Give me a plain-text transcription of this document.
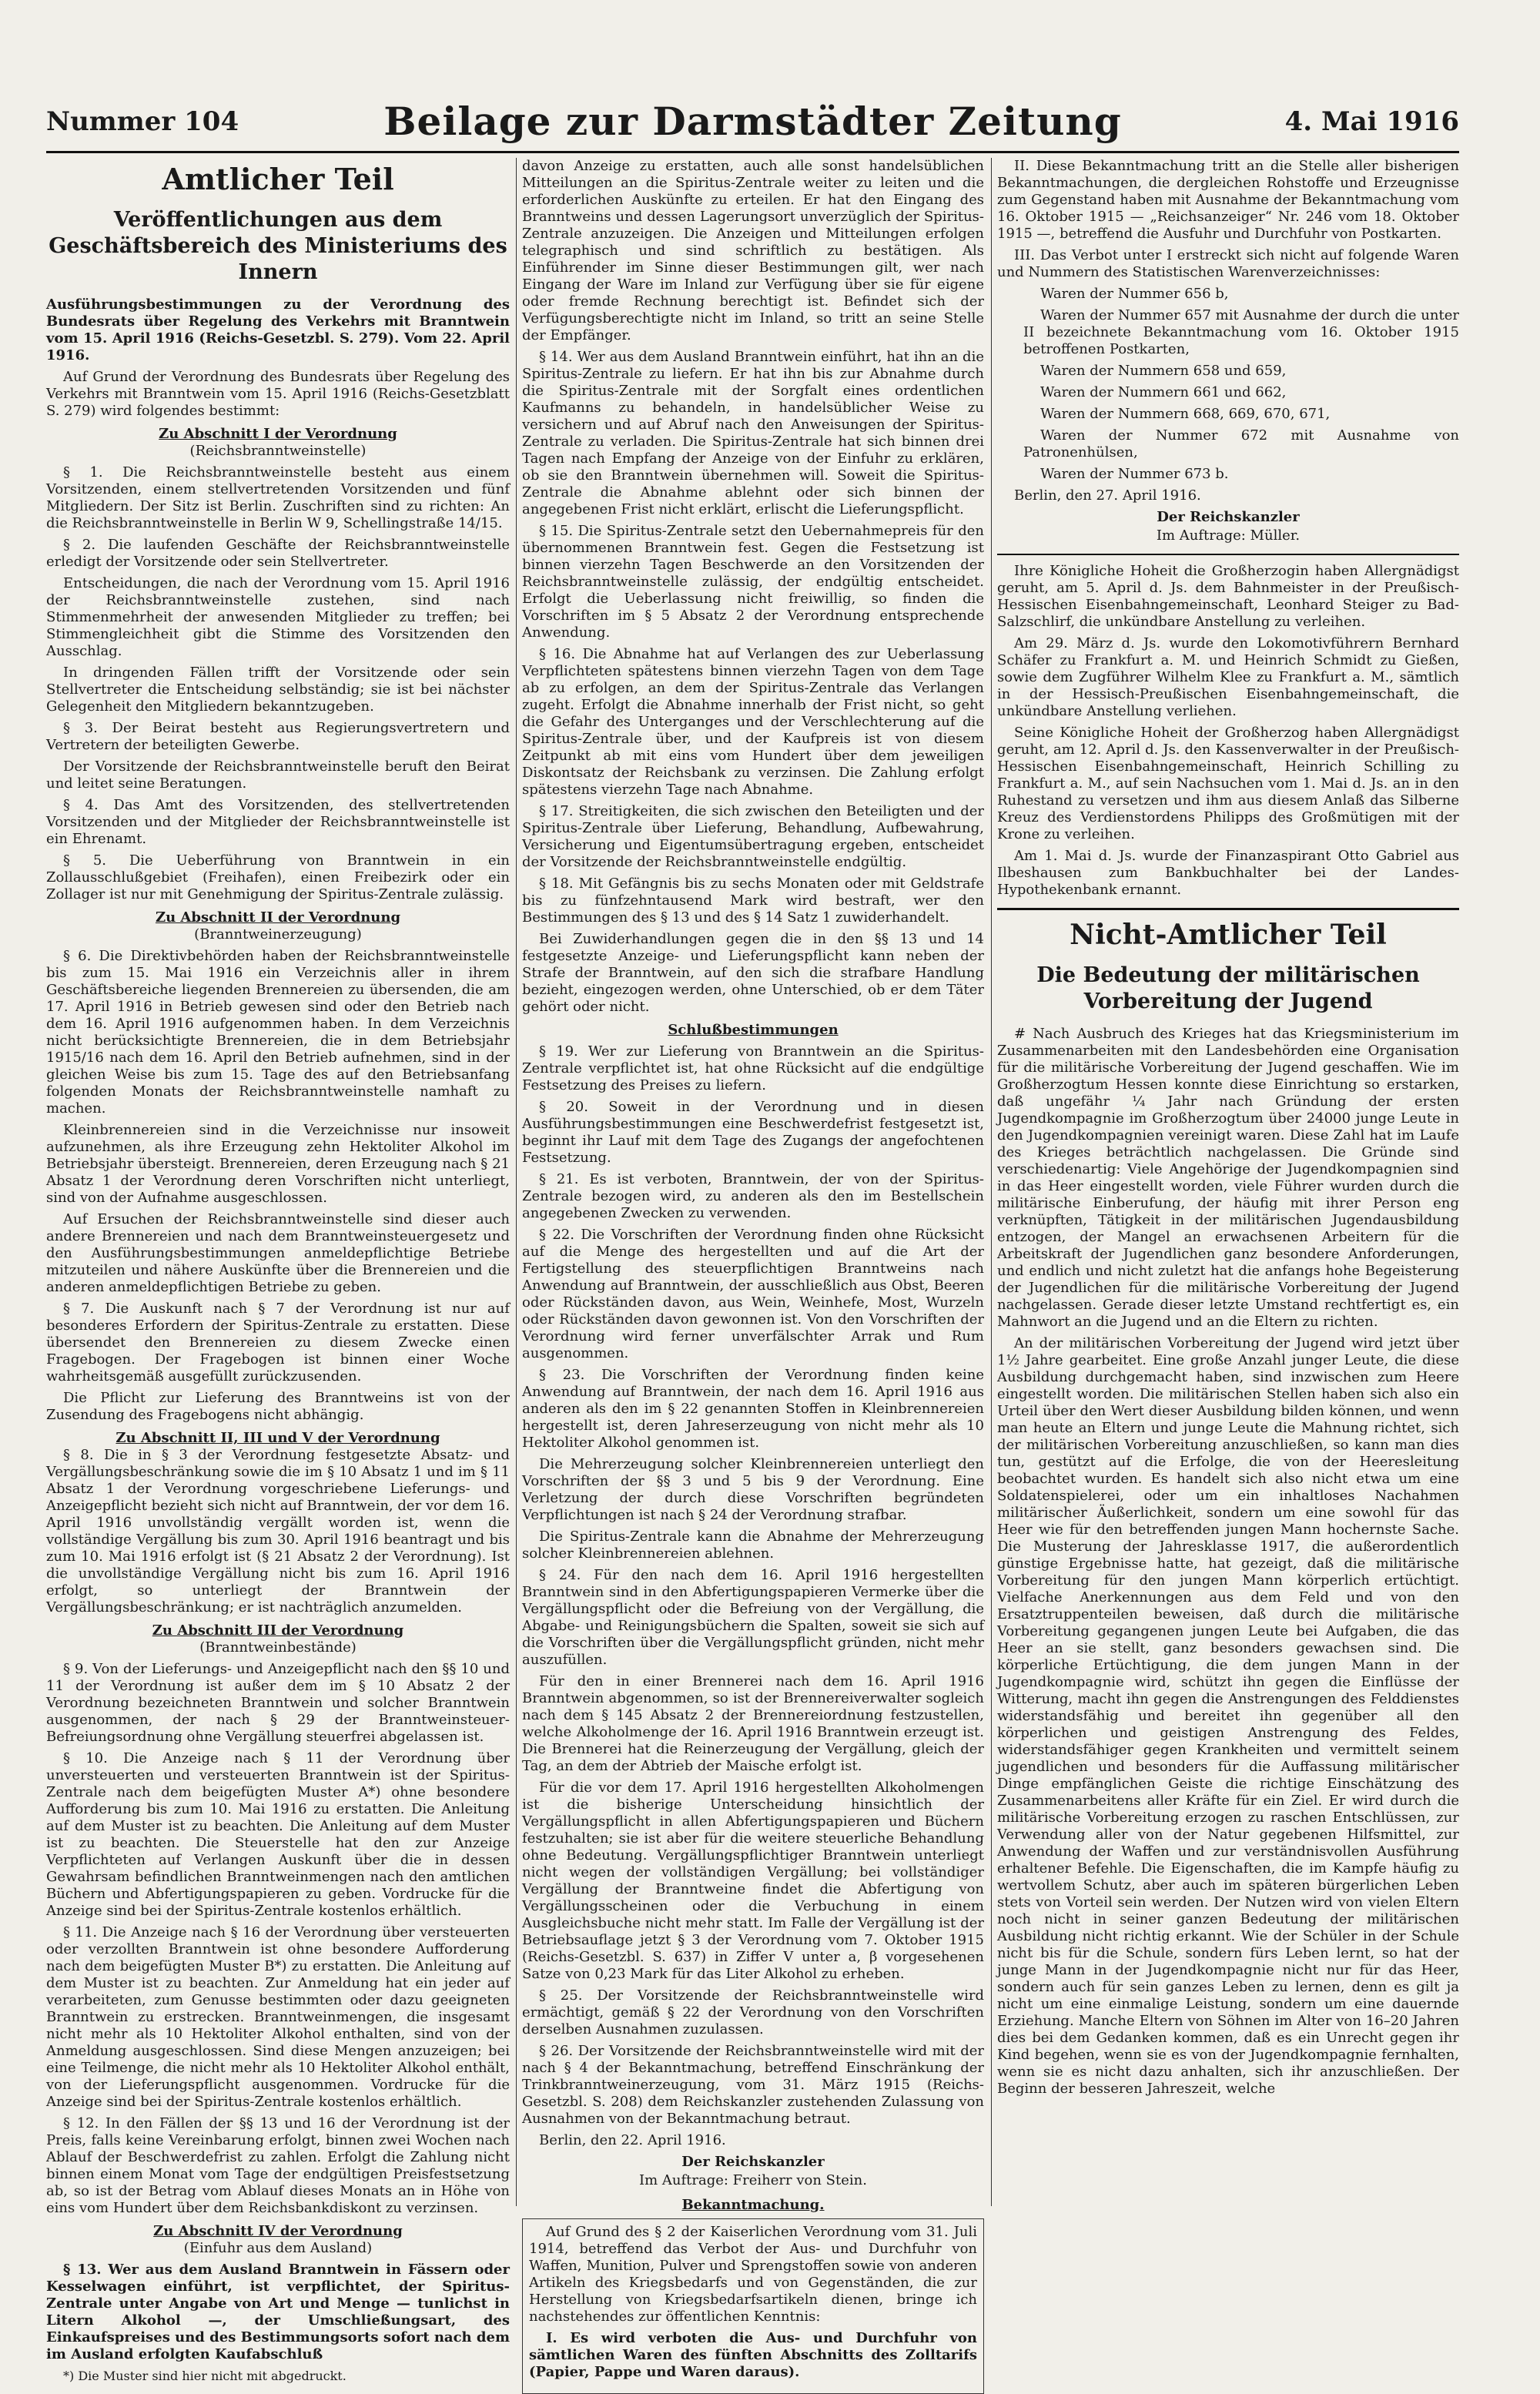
Nummer 104	Beilage zur Darmstädter Zeitung	4. Mai 1916
Amtlicher Teil
Veröffentlichungen aus dem Geschäftsbereich des Ministeriums des Innern

Ausführungsbestimmungen zu der Verordnung des Bundesrats über Regelung des Verkehrs mit Branntwein vom 15. April 1916 (Reichs-Gesetzbl. S. 279). Vom 22. April 1916.

Auf Grund der Verordnung des Bundesrats über Regelung des Verkehrs mit Branntwein vom 15. April 1916 (Reichs-Gesetzblatt S. 279) wird folgendes bestimmt:

Zu Abschnitt I der Verordnung
(Reichsbranntweinstelle)

§ 1. Die Reichsbranntweinstelle besteht aus einem Vorsitzenden, einem stellvertretenden Vorsitzenden und fünf Mitgliedern. Der Sitz ist Berlin. Zuschriften sind zu richten: An die Reichsbranntweinstelle in Berlin W 9, Schellingstraße 14/15.

§ 2. Die laufenden Geschäfte der Reichsbranntweinstelle erledigt der Vorsitzende oder sein Stellvertreter.

Entscheidungen, die nach der Verordnung vom 15. April 1916 der Reichsbranntweinstelle zustehen, sind nach Stimmenmehrheit der anwesenden Mitglieder zu treffen; bei Stimmengleichheit gibt die Stimme des Vorsitzenden den Ausschlag.

In dringenden Fällen trifft der Vorsitzende oder sein Stellvertreter die Entscheidung selbständig; sie ist bei nächster Gelegenheit den Mitgliedern bekanntzugeben.

§ 3. Der Beirat besteht aus Regierungsvertretern und Vertretern der beteiligten Gewerbe.

Der Vorsitzende der Reichsbranntweinstelle beruft den Beirat und leitet seine Beratungen.

§ 4. Das Amt des Vorsitzenden, des stellvertretenden Vorsitzenden und der Mitglieder der Reichsbranntweinstelle ist ein Ehrenamt.

§ 5. Die Ueberführung von Branntwein in ein Zollausschlußgebiet (Freihafen), einen Freibezirk oder ein Zollager ist nur mit Genehmigung der Spiritus-Zentrale zulässig.

Zu Abschnitt II der Verordnung
(Branntweinerzeugung)

§ 6. Die Direktivbehörden haben der Reichsbranntweinstelle bis zum 15. Mai 1916 ein Verzeichnis aller in ihrem Geschäftsbereiche liegenden Brennereien zu übersenden, die am 17. April 1916 in Betrieb gewesen sind oder den Betrieb nach dem 16. April 1916 aufgenommen haben. In dem Verzeichnis nicht berücksichtigte Brennereien, die in dem Betriebsjahr 1915/16 nach dem 16. April den Betrieb aufnehmen, sind in der gleichen Weise bis zum 15. Tage des auf den Betriebsanfang folgenden Monats der Reichsbranntweinstelle namhaft zu machen.

Kleinbrennereien sind in die Verzeichnisse nur insoweit aufzunehmen, als ihre Erzeugung zehn Hektoliter Alkohol im Betriebsjahr übersteigt. Brennereien, deren Erzeugung nach § 21 Absatz 1 der Verordnung deren Vorschriften nicht unterliegt, sind von der Aufnahme ausgeschlossen.

Auf Ersuchen der Reichsbranntweinstelle sind dieser auch andere Brennereien und nach dem Branntweinsteuergesetz und den Ausführungsbestimmungen anmeldepflichtige Betriebe mitzuteilen und nähere Auskünfte über die Brennereien und die anderen anmeldepflichtigen Betriebe zu geben.

§ 7. Die Auskunft nach § 7 der Verordnung ist nur auf besonderes Erfordern der Spiritus-Zentrale zu erstatten. Diese übersendet den Brennereien zu diesem Zwecke einen Fragebogen. Der Fragebogen ist binnen einer Woche wahrheitsgemäß ausgefüllt zurückzusenden.

Die Pflicht zur Lieferung des Branntweins ist von der Zusendung des Fragebogens nicht abhängig.

Zu Abschnitt II, III und V der Verordnung

§ 8. Die in § 3 der Verordnung festgesetzte Absatz- und Vergällungsbeschränkung sowie die im § 10 Absatz 1 und im § 11 Absatz 1 der Verordnung vorgeschriebene Lieferungs- und Anzeigepflicht bezieht sich nicht auf Branntwein, der vor dem 16. April 1916 unvollständig vergällt worden ist, wenn die vollständige Vergällung bis zum 30. April 1916 beantragt und bis zum 10. Mai 1916 erfolgt ist (§ 21 Absatz 2 der Verordnung). Ist die unvollständige Vergällung nicht bis zum 16. April 1916 erfolgt, so unterliegt der Branntwein der Vergällungsbeschränkung; er ist nachträglich anzumelden.

Zu Abschnitt III der Verordnung
(Branntweinbestände)

§ 9. Von der Lieferungs- und Anzeigepflicht nach den §§ 10 und 11 der Verordnung ist außer dem im § 10 Absatz 2 der Verordnung bezeichneten Branntwein und solcher Branntwein ausgenommen, der nach § 29 der Branntweinsteuer-Befreiungsordnung ohne Vergällung steuerfrei abgelassen ist.

§ 10. Die Anzeige nach § 11 der Verordnung über unversteuerten und versteuerten Branntwein ist der Spiritus-Zentrale nach dem beigefügten Muster A*) ohne besondere Aufforderung bis zum 10. Mai 1916 zu erstatten. Die Anleitung auf dem Muster ist zu beachten. Die Anleitung auf dem Muster ist zu beachten. Die Steuerstelle hat den zur Anzeige Verpflichteten auf Verlangen Auskunft über die in dessen Gewahrsam befindlichen Branntweinmengen nach den amtlichen Büchern und Abfertigungspapieren zu geben. Vordrucke für die Anzeige sind bei der Spiritus-Zentrale kostenlos erhältlich.

§ 11. Die Anzeige nach § 16 der Verordnung über versteuerten oder verzollten Branntwein ist ohne besondere Aufforderung nach dem beigefügten Muster B*) zu erstatten. Die Anleitung auf dem Muster ist zu beachten. Zur Anmeldung hat ein jeder auf verarbeiteten, zum Genusse bestimmten oder dazu geeigneten Branntwein zu erstrecken. Branntweinmengen, die insgesamt nicht mehr als 10 Hektoliter Alkohol enthalten, sind von der Anmeldung ausgeschlossen. Sind diese Mengen anzuzeigen; bei eine Teilmenge, die nicht mehr als 10 Hektoliter Alkohol enthält, von der Lieferungspflicht ausgenommen. Vordrucke für die Anzeige sind bei der Spiritus-Zentrale kostenlos erhältlich.

§ 12. In den Fällen der §§ 13 und 16 der Verordnung ist der Preis, falls keine Vereinbarung erfolgt, binnen zwei Wochen nach Ablauf der Beschwerdefrist zu zahlen. Erfolgt die Zahlung nicht binnen einem Monat vom Tage der endgültigen Preisfestsetzung ab, so ist der Betrag vom Ablauf dieses Monats an in Höhe von eins vom Hundert über dem Reichsbankdiskont zu verzinsen.

Zu Abschnitt IV der Verordnung
(Einfuhr aus dem Ausland)

§ 13. Wer aus dem Ausland Branntwein in Fässern oder Kesselwagen einführt, ist verpflichtet, der Spiritus-Zentrale unter Angabe von Art und Menge — tunlichst in Litern Alkohol —, der Umschließungsart, des Einkaufspreises und des Bestimmungsorts sofort nach dem im Ausland erfolgten Kaufabschluß

*) Die Muster sind hier nicht mit abgedruckt.

davon Anzeige zu erstatten, auch alle sonst handelsüblichen Mitteilungen an die Spiritus-Zentrale weiter zu leiten und die erforderlichen Auskünfte zu erteilen. Er hat den Eingang des Branntweins und dessen Lagerungsort unverzüglich der Spiritus-Zentrale anzuzeigen. Die Anzeigen und Mitteilungen erfolgen telegraphisch und sind schriftlich zu bestätigen. Als Einführender im Sinne dieser Bestimmungen gilt, wer nach Eingang der Ware im Inland zur Verfügung über sie für eigene oder fremde Rechnung berechtigt ist. Befindet sich der Verfügungsberechtigte nicht im Inland, so tritt an seine Stelle der Empfänger.

§ 14. Wer aus dem Ausland Branntwein einführt, hat ihn an die Spiritus-Zentrale zu liefern. Er hat ihn bis zur Abnahme durch die Spiritus-Zentrale mit der Sorgfalt eines ordentlichen Kaufmanns zu behandeln, in handelsüblicher Weise zu versichern und auf Abruf nach den Anweisungen der Spiritus-Zentrale zu verladen. Die Spiritus-Zentrale hat sich binnen drei Tagen nach Empfang der Anzeige von der Einfuhr zu erklären, ob sie den Branntwein übernehmen will. Soweit die Spiritus-Zentrale die Abnahme ablehnt oder sich binnen der angegebenen Frist nicht erklärt, erlischt die Lieferungspflicht.

§ 15. Die Spiritus-Zentrale setzt den Uebernahmepreis für den übernommenen Branntwein fest. Gegen die Festsetzung ist binnen vierzehn Tagen Beschwerde an den Vorsitzenden der Reichsbranntweinstelle zulässig, der endgültig entscheidet. Erfolgt die Ueberlassung nicht freiwillig, so finden die Vorschriften im § 5 Absatz 2 der Verordnung entsprechende Anwendung.

§ 16. Die Abnahme hat auf Verlangen des zur Ueberlassung Verpflichteten spätestens binnen vierzehn Tagen von dem Tage ab zu erfolgen, an dem der Spiritus-Zentrale das Verlangen zugeht. Erfolgt die Abnahme innerhalb der Frist nicht, so geht die Gefahr des Unterganges und der Verschlechterung auf die Spiritus-Zentrale über, und der Kaufpreis ist von diesem Zeitpunkt ab mit eins vom Hundert über dem jeweiligen Diskontsatz der Reichsbank zu verzinsen. Die Zahlung erfolgt spätestens vierzehn Tage nach Abnahme.

§ 17. Streitigkeiten, die sich zwischen den Beteiligten und der Spiritus-Zentrale über Lieferung, Behandlung, Aufbewahrung, Versicherung und Eigentumsübertragung ergeben, entscheidet der Vorsitzende der Reichsbranntweinstelle endgültig.

§ 18. Mit Gefängnis bis zu sechs Monaten oder mit Geldstrafe bis zu fünfzehntausend Mark wird bestraft, wer den Bestimmungen des § 13 und des § 14 Satz 1 zuwiderhandelt.

Bei Zuwiderhandlungen gegen die in den §§ 13 und 14 festgesetzte Anzeige- und Lieferungspflicht kann neben der Strafe der Branntwein, auf den sich die strafbare Handlung bezieht, eingezogen werden, ohne Unterschied, ob er dem Täter gehört oder nicht.

Schlußbestimmungen

§ 19. Wer zur Lieferung von Branntwein an die Spiritus-Zentrale verpflichtet ist, hat ohne Rücksicht auf die endgültige Festsetzung des Preises zu liefern.

§ 20. Soweit in der Verordnung und in diesen Ausführungsbestimmungen eine Beschwerdefrist festgesetzt ist, beginnt ihr Lauf mit dem Tage des Zugangs der angefochtenen Festsetzung.

§ 21. Es ist verboten, Branntwein, der von der Spiritus-Zentrale bezogen wird, zu anderen als den im Bestellschein angegebenen Zwecken zu verwenden.

§ 22. Die Vorschriften der Verordnung finden ohne Rücksicht auf die Menge des hergestellten und auf die Art der Fertigstellung des steuerpflichtigen Branntweins nach Anwendung auf Branntwein, der ausschließlich aus Obst, Beeren oder Rückständen davon, aus Wein, Weinhefe, Most, Wurzeln oder Rückständen davon gewonnen ist. Von den Vorschriften der Verordnung wird ferner unverfälschter Arrak und Rum ausgenommen.

§ 23. Die Vorschriften der Verordnung finden keine Anwendung auf Branntwein, der nach dem 16. April 1916 aus anderen als den im § 22 genannten Stoffen in Kleinbrennereien hergestellt ist, deren Jahreserzeugung von nicht mehr als 10 Hektoliter Alkohol genommen ist.

Die Mehrerzeugung solcher Kleinbrennereien unterliegt den Vorschriften der §§ 3 und 5 bis 9 der Verordnung. Eine Verletzung der durch diese Vorschriften begründeten Verpflichtungen ist nach § 24 der Verordnung strafbar.

Die Spiritus-Zentrale kann die Abnahme der Mehrerzeugung solcher Kleinbrennereien ablehnen.

§ 24. Für den nach dem 16. April 1916 hergestellten Branntwein sind in den Abfertigungspapieren Vermerke über die Vergällungspflicht oder die Befreiung von der Vergällung, die Abgabe- und Reinigungsbüchern die Spalten, soweit sie sich auf die Vorschriften über die Vergällungspflicht gründen, nicht mehr auszufüllen.

Für den in einer Brennerei nach dem 16. April 1916 Branntwein abgenommen, so ist der Brennereiverwalter sogleich nach dem § 145 Absatz 2 der Brennereiordnung festzustellen, welche Alkoholmenge der 16. April 1916 Branntwein erzeugt ist. Die Brennerei hat die Reinerzeugung der Vergällung, gleich der Tag, an dem der Abtrieb der Maische erfolgt ist.

Für die vor dem 17. April 1916 hergestellten Alkoholmengen ist die bisherige Unterscheidung hinsichtlich der Vergällungspflicht in allen Abfertigungspapieren und Büchern festzuhalten; sie ist aber für die weitere steuerliche Behandlung ohne Bedeutung. Vergällungspflichtiger Branntwein unterliegt nicht wegen der vollständigen Vergällung; bei vollständiger Vergällung der Branntweine findet die Abfertigung von Vergällungsscheinen oder die Verbuchung in einem Ausgleichsbuche nicht mehr statt. Im Falle der Vergällung ist der Betriebsauflage jetzt § 3 der Verordnung vom 7. Oktober 1915 (Reichs-Gesetzbl. S. 637) in Ziffer V unter a, β vorgesehenen Satze von 0,23 Mark für das Liter Alkohol zu erheben.

§ 25. Der Vorsitzende der Reichsbranntweinstelle wird ermächtigt, gemäß § 22 der Verordnung von den Vorschriften derselben Ausnahmen zuzulassen.

§ 26. Der Vorsitzende der Reichsbranntweinstelle wird mit der nach § 4 der Bekanntmachung, betreffend Einschränkung der Trinkbranntweinerzeugung, vom 31. März 1915 (Reichs-Gesetzbl. S. 208) dem Reichskanzler zustehenden Zulassung von Ausnahmen von der Bekanntmachung betraut.

Berlin, den 22. April 1916.

Der Reichskanzler
Im Auftrage: Freiherr von Stein.
Bekanntmachung.

Auf Grund des § 2 der Kaiserlichen Verordnung vom 31. Juli 1914, betreffend das Verbot der Aus- und Durchfuhr von Waffen, Munition, Pulver und Sprengstoffen sowie von anderen Artikeln des Kriegsbedarfs und von Gegenständen, die zur Herstellung von Kriegsbedarfsartikeln dienen, bringe ich nachstehendes zur öffentlichen Kenntnis:

I. Es wird verboten die Aus- und Durchfuhr von sämtlichen Waren des fünften Abschnitts des Zolltarifs (Papier, Pappe und Waren daraus).

II. Diese Bekanntmachung tritt an die Stelle aller bisherigen Bekanntmachungen, die dergleichen Rohstoffe und Erzeugnisse zum Gegenstand haben mit Ausnahme der Bekanntmachung vom 16. Oktober 1915 — „Reichsanzeiger“ Nr. 246 vom 18. Oktober 1915 —, betreffend die Ausfuhr und Durchfuhr von Postkarten.

III. Das Verbot unter I erstreckt sich nicht auf folgende Waren und Nummern des Statistischen Warenverzeichnisses:

Waren der Nummer 656 b,

Waren der Nummer 657 mit Ausnahme der durch die unter II bezeichnete Bekanntmachung vom 16. Oktober 1915 betroffenen Postkarten,

Waren der Nummern 658 und 659,

Waren der Nummern 661 und 662,

Waren der Nummern 668, 669, 670, 671,

Waren der Nummer 672 mit Ausnahme von Patronenhülsen,

Waren der Nummer 673 b.

Berlin, den 27. April 1916.

Der Reichskanzler
Im Auftrage: Müller.

Ihre Königliche Hoheit die Großherzogin haben Allergnädigst geruht, am 5. April d. Js. dem Bahnmeister in der Preußisch-Hessischen Eisenbahngemeinschaft, Leonhard Steiger zu Bad-Salzschlirf, die unkündbare Anstellung zu verleihen.

Am 29. März d. Js. wurde den Lokomotivführern Bernhard Schäfer zu Frankfurt a. M. und Heinrich Schmidt zu Gießen, sowie dem Zugführer Wilhelm Klee zu Frankfurt a. M., sämtlich in der Hessisch-Preußischen Eisenbahngemeinschaft, die unkündbare Anstellung verliehen.

Seine Königliche Hoheit der Großherzog haben Allergnädigst geruht, am 12. April d. Js. den Kassenverwalter in der Preußisch-Hessischen Eisenbahngemeinschaft, Heinrich Schilling zu Frankfurt a. M., auf sein Nachsuchen vom 1. Mai d. Js. an in den Ruhestand zu versetzen und ihm aus diesem Anlaß das Silberne Kreuz des Verdienstordens Philipps des Großmütigen mit der Krone zu verleihen.

Am 1. Mai d. Js. wurde der Finanzaspirant Otto Gabriel aus Ilbeshausen zum Bankbuchhalter bei der Landes-Hypothekenbank ernannt.

Nicht-Amtlicher Teil
Die Bedeutung der militärischen Vorbereitung der Jugend

# Nach Ausbruch des Krieges hat das Kriegsministerium im Zusammenarbeiten mit den Landesbehörden eine Organisation für die militärische Vorbereitung der Jugend geschaffen. Wie im Großherzogtum Hessen konnte diese Einrichtung so erstarken, daß ungefähr ¼ Jahr nach Gründung der ersten Jugendkompagnie im Großherzogtum über 24000 junge Leute in den Jugendkompagnien vereinigt waren. Diese Zahl hat im Laufe des Krieges beträchtlich nachgelassen. Die Gründe sind verschiedenartig: Viele Angehörige der Jugendkompagnien sind in das Heer eingestellt worden, viele Führer wurden durch die militärische Einberufung, der häufig mit ihrer Person eng verknüpften, Tätigkeit in der militärischen Jugendausbildung entzogen, der Mangel an erwachsenen Arbeitern für die Arbeitskraft der Jugendlichen ganz besondere Anforderungen, und endlich und nicht zuletzt hat die anfangs hohe Begeisterung der Jugendlichen für die militärische Vorbereitung der Jugend nachgelassen. Gerade dieser letzte Umstand rechtfertigt es, ein Mahnwort an die Jugend und an die Eltern zu richten.

An der militärischen Vorbereitung der Jugend wird jetzt über 1½ Jahre gearbeitet. Eine große Anzahl junger Leute, die diese Ausbildung durchgemacht haben, sind inzwischen zum Heere eingestellt worden. Die militärischen Stellen haben sich also ein Urteil über den Wert dieser Ausbildung bilden können, und wenn man heute an Eltern und junge Leute die Mahnung richtet, sich der militärischen Vorbereitung anzuschließen, so kann man dies tun, gestützt auf die Erfolge, die von der Heeresleitung beobachtet wurden. Es handelt sich also nicht etwa um eine Soldatenspielerei, oder um ein inhaltloses Nachahmen militärischer Äußerlichkeit, sondern um eine sowohl für das Heer wie für den betreffenden jungen Mann hochernste Sache. Die Musterung der Jahresklasse 1917, die außerordentlich günstige Ergebnisse hatte, hat gezeigt, daß die militärische Vorbereitung für den jungen Mann körperlich ertüchtigt. Vielfache Anerkennungen aus dem Feld und von den Ersatztruppenteilen beweisen, daß durch die militärische Vorbereitung gegangenen jungen Leute bei Aufgaben, die das Heer an sie stellt, ganz besonders gewachsen sind. Die körperliche Ertüchtigung, die dem jungen Mann in der Jugendkompagnie wird, schützt ihn gegen die Einflüsse der Witterung, macht ihn gegen die Anstrengungen des Felddienstes widerstandsfähig und bereitet ihn gegenüber all den körperlichen und geistigen Anstrengung des Feldes, widerstandsfähiger gegen Krankheiten und vermittelt seinem jugendlichen und besonders für die Auffassung militärischer Dinge empfänglichen Geiste die richtige Einschätzung des Zusammenarbeitens aller Kräfte für ein Ziel. Er wird durch die militärische Vorbereitung erzogen zu raschen Entschlüssen, zur Verwendung aller von der Natur gegebenen Hilfsmittel, zur Anwendung der Waffen und zur verständnisvollen Ausführung erhaltener Befehle. Die Eigenschaften, die im Kampfe häufig zu wertvollem Schutz, aber auch im späteren bürgerlichen Leben stets von Vorteil sein werden. Der Nutzen wird von vielen Eltern noch nicht in seiner ganzen Bedeutung der militärischen Ausbildung nicht richtig erkannt. Wie der Schüler in der Schule nicht bis für die Schule, sondern fürs Leben lernt, so hat der junge Mann in der Jugendkompagnie nicht nur für das Heer, sondern auch für sein ganzes Leben zu lernen, denn es gilt ja nicht um eine einmalige Leistung, sondern um eine dauernde Erziehung. Manche Eltern von Söhnen im Alter von 16–20 Jahren dies bei dem Gedanken kommen, daß es ein Unrecht gegen ihr Kind begehen, wenn sie es von der Jugendkompagnie fernhalten, wenn sie es nicht dazu anhalten, sich ihr anzuschließen. Der Beginn der besseren Jahreszeit, welche
